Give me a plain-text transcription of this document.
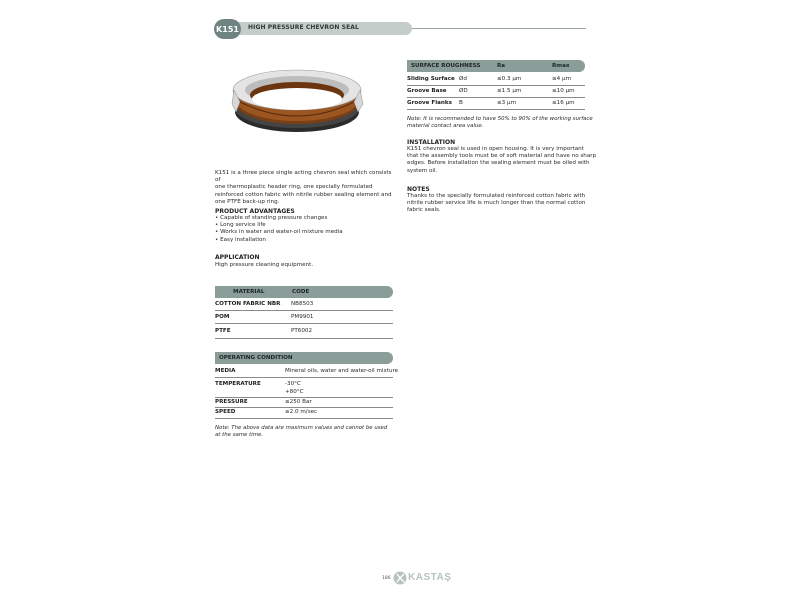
HIGH PRESSURE CHEVRON SEAL
K151
K151 is a three piece single acting chevron seal which consists of
one thermoplastic header ring, one specially formulated
reinforced cotton fabric with nitrile rubber sealing element and
one PTFE back-up ring.
PRODUCT ADVANTAGES
• Capable of standing pressure changes
• Long service life
• Works in water and water-oil mixture media
• Easy installation
APPLICATION
High pressure cleaning equipment.
MATERIAL	CODE
COTTON FABRIC NBR NB8503
POM	PM9901
PTFE	PT6002
OPERATING CONDITION
MEDIA	Mineral oils, water and water-oil mixture
TEMPERATURE	-30°C
+80°C
PRESSURE	≤250 Bar
SPEED	≤2.0 m/sec
Note: The above data are maximum values and cannot be used
at the same time.
SURFACE ROUGHNESS	Ra	Rmax
Sliding Surface Ød	≤0.3 µm	≤4 µm
Groove Base ØD	≤1.5 µm	≤10 µm
Groove Flanks B	≤3 µm	≤16 µm
Note: It is recommended to have 50% to 90% of the working surface
material contact area value.
INSTALLATION
K151 chevron seal is used in open housing. It is very important
that the assembly tools must be of soft material and have no sharp
edges. Before installation the sealing element must be oiled with
system oil.
NOTES
Thanks to the specially formulated reinforced cotton fabric with
nitrile rubber service life is much longer than the normal cotton
fabric seals.
186 KASTAŞ
